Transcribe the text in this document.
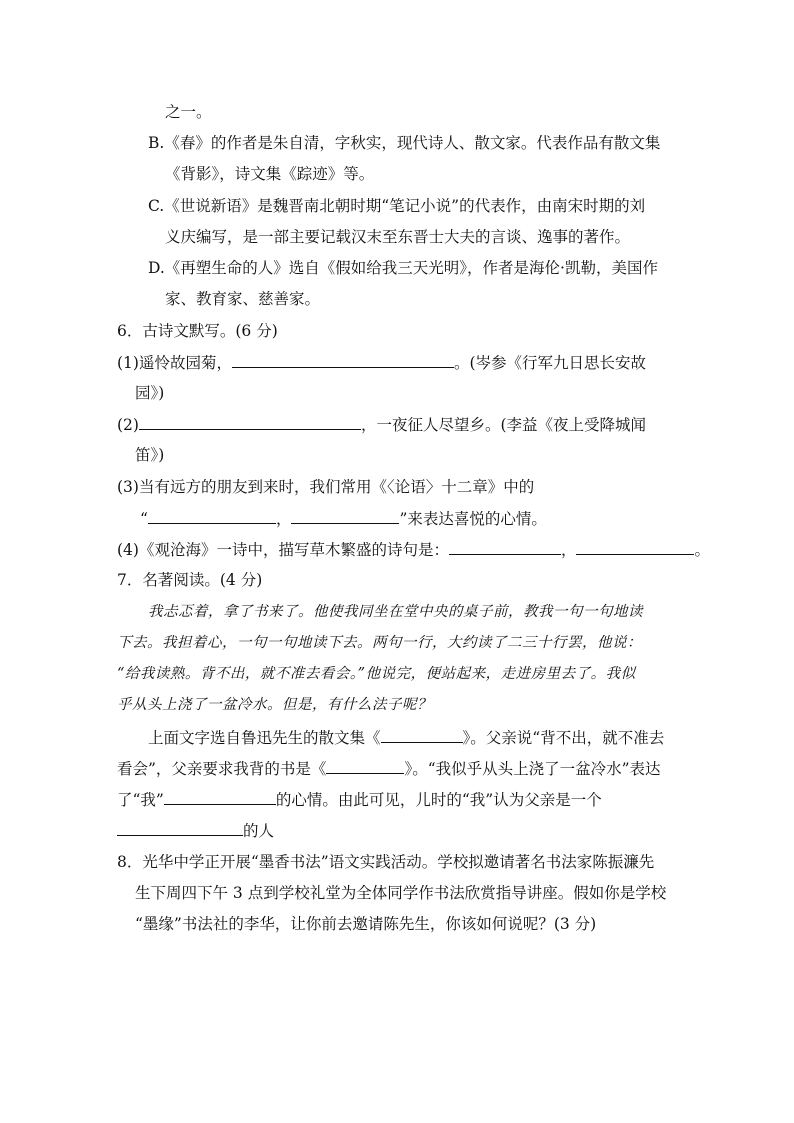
之一。
B.《春》的作者是朱自清，字秋实，现代诗人、散文家。代表作品有散文集
《背影》，诗文集《踪迹》等。
C.《世说新语》是魏晋南北朝时期“笔记小说”的代表作，由南宋时期的刘
义庆编写，是一部主要记载汉末至东晋士大夫的言谈、逸事的著作。
D.《再塑生命的人》选自《假如给我三天光明》，作者是海伦·凯勒，美国作
家、教育家、慈善家。
6．古诗文默写。(6 分)
(1)遥怜故园菊，	。(岑参《行军九日思长安故
园》)
(2)	，一夜征人尽望乡。(李益《夜上受降城闻
笛》)
(3)当有远方的朋友到来时，我们常用《〈论语〉十二章》中的
“	，	”来表达喜悦的心情。
(4)《观沧海》一诗中，描写草木繁盛的诗句是：	，	。
7．名著阅读。(4 分)
我忐忑着，拿了书来了。他使我同坐在堂中央的桌子前，教我一句一句地读
下去。我担着心，一句一句地读下去。两句一行，大约读了二三十行罢，他说：
“给我读熟。背不出，就不准去看会。”他说完，便站起来，走进房里去了。我似
乎从头上浇了一盆冷水。但是，有什么法子呢？
上面文字选自鲁迅先生的散文集《	》。父亲说“背不出，就不准去
看会”，父亲要求我背的书是《	》。“我似乎从头上浇了一盆冷水”表达
了“我”	的心情。由此可见，儿时的“我”认为父亲是一个
的人
8．光华中学正开展“墨香书法”语文实践活动。学校拟邀请著名书法家陈振濂先
生下周四下午 3 点到学校礼堂为全体同学作书法欣赏指导讲座。假如你是学校
“墨缘”书法社的李华，让你前去邀请陈先生，你该如何说呢？(3 分)
